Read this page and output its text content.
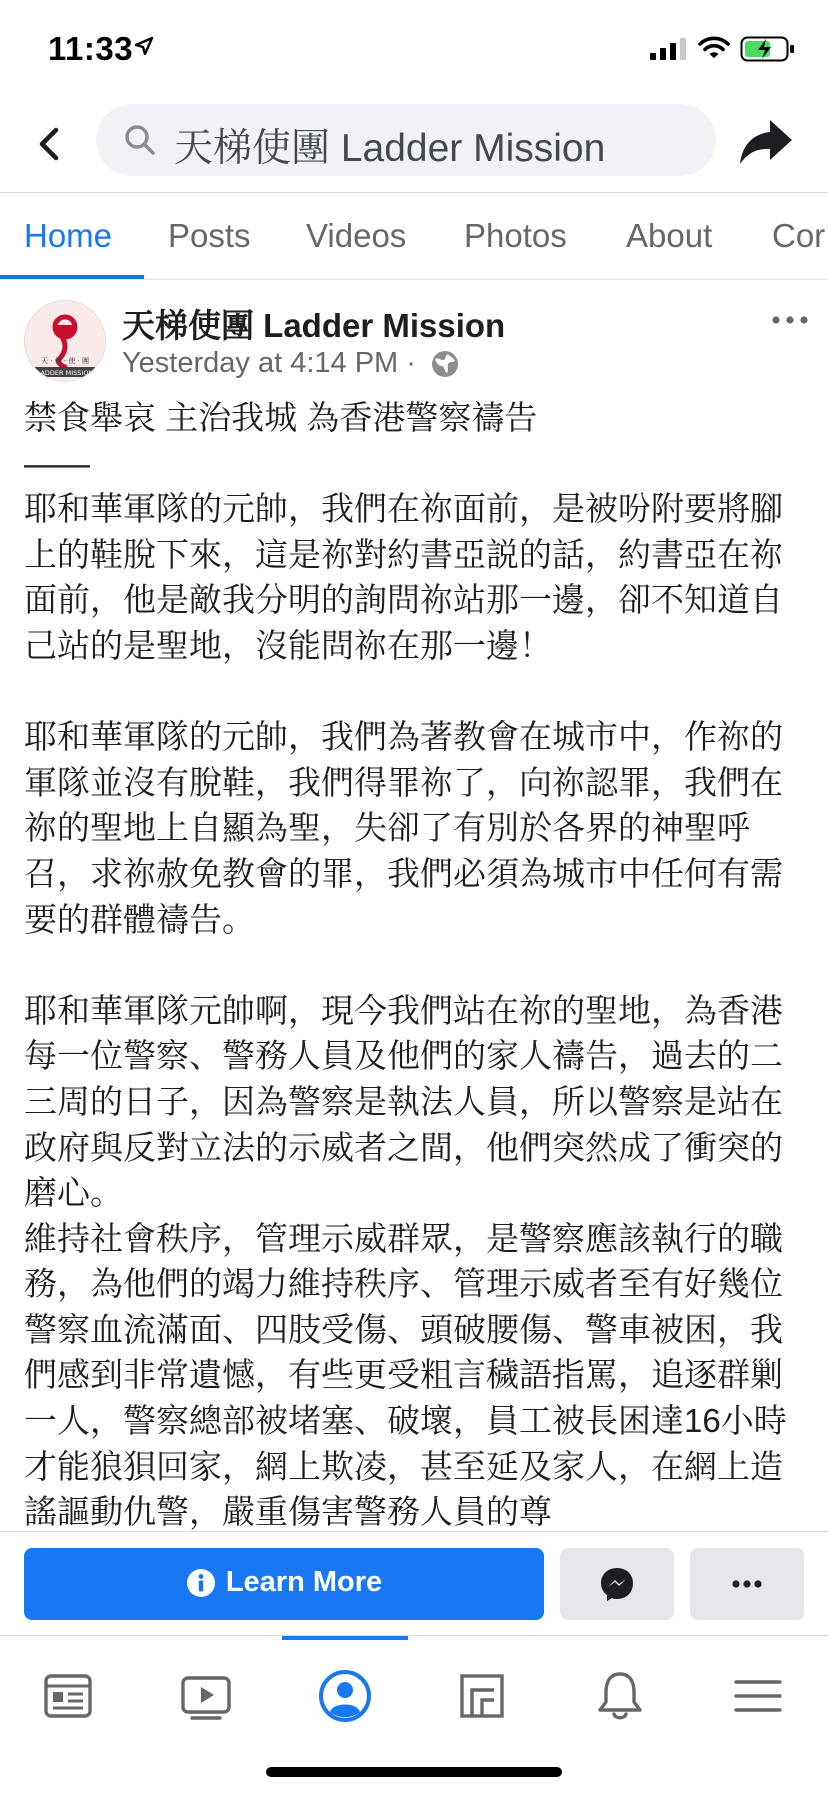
11:33
天梯使團 Ladder Mission
Home Posts Videos Photos About Cor
天 · 梯 · 使 · 團
LADDER MISSION
天梯使團 Ladder Mission
Yesterday at 4:14 PM ·

禁食舉哀 主治我城 為香港警察禱告

——

耶和華軍隊的元帥，我們在祢面前，是被吩附要將腳上的鞋脫下來，這是祢對約書亞説的話，約書亞在祢面前，他是敵我分明的詢問祢站那一邊，卻不知道自己站的是聖地，沒能問祢在那一邊！

耶和華軍隊的元帥，我們為著教會在城市中，作祢的軍隊並沒有脫鞋，我們得罪祢了，向祢認罪，我們在祢的聖地上自顯為聖，失卻了有別於各界的神聖呼召，求祢赦免教會的罪，我們必須為城市中任何有需要的群體禱告。

耶和華軍隊元帥啊，現今我們站在祢的聖地，為香港每一位警察、警務人員及他們的家人禱告，過去的二三周的日子，因為警察是執法人員，所以警察是站在政府與反對立法的示威者之間，他們突然成了衝突的磨心。

維持社會秩序，管理示威群眾，是警察應該執行的職務，為他們的竭力維持秩序、管理示威者至有好幾位警察血流滿面、四肢受傷、頭破腰傷、警車被困，我們感到非常遺憾，有些更受粗言穢語指罵，追逐群剿一人，警察總部被堵塞、破壞，員工被長困達16小時才能狼狽回家，網上欺凌，甚至延及家人，在網上造謠謳動仇警，嚴重傷害警務人員的尊

Learn More
